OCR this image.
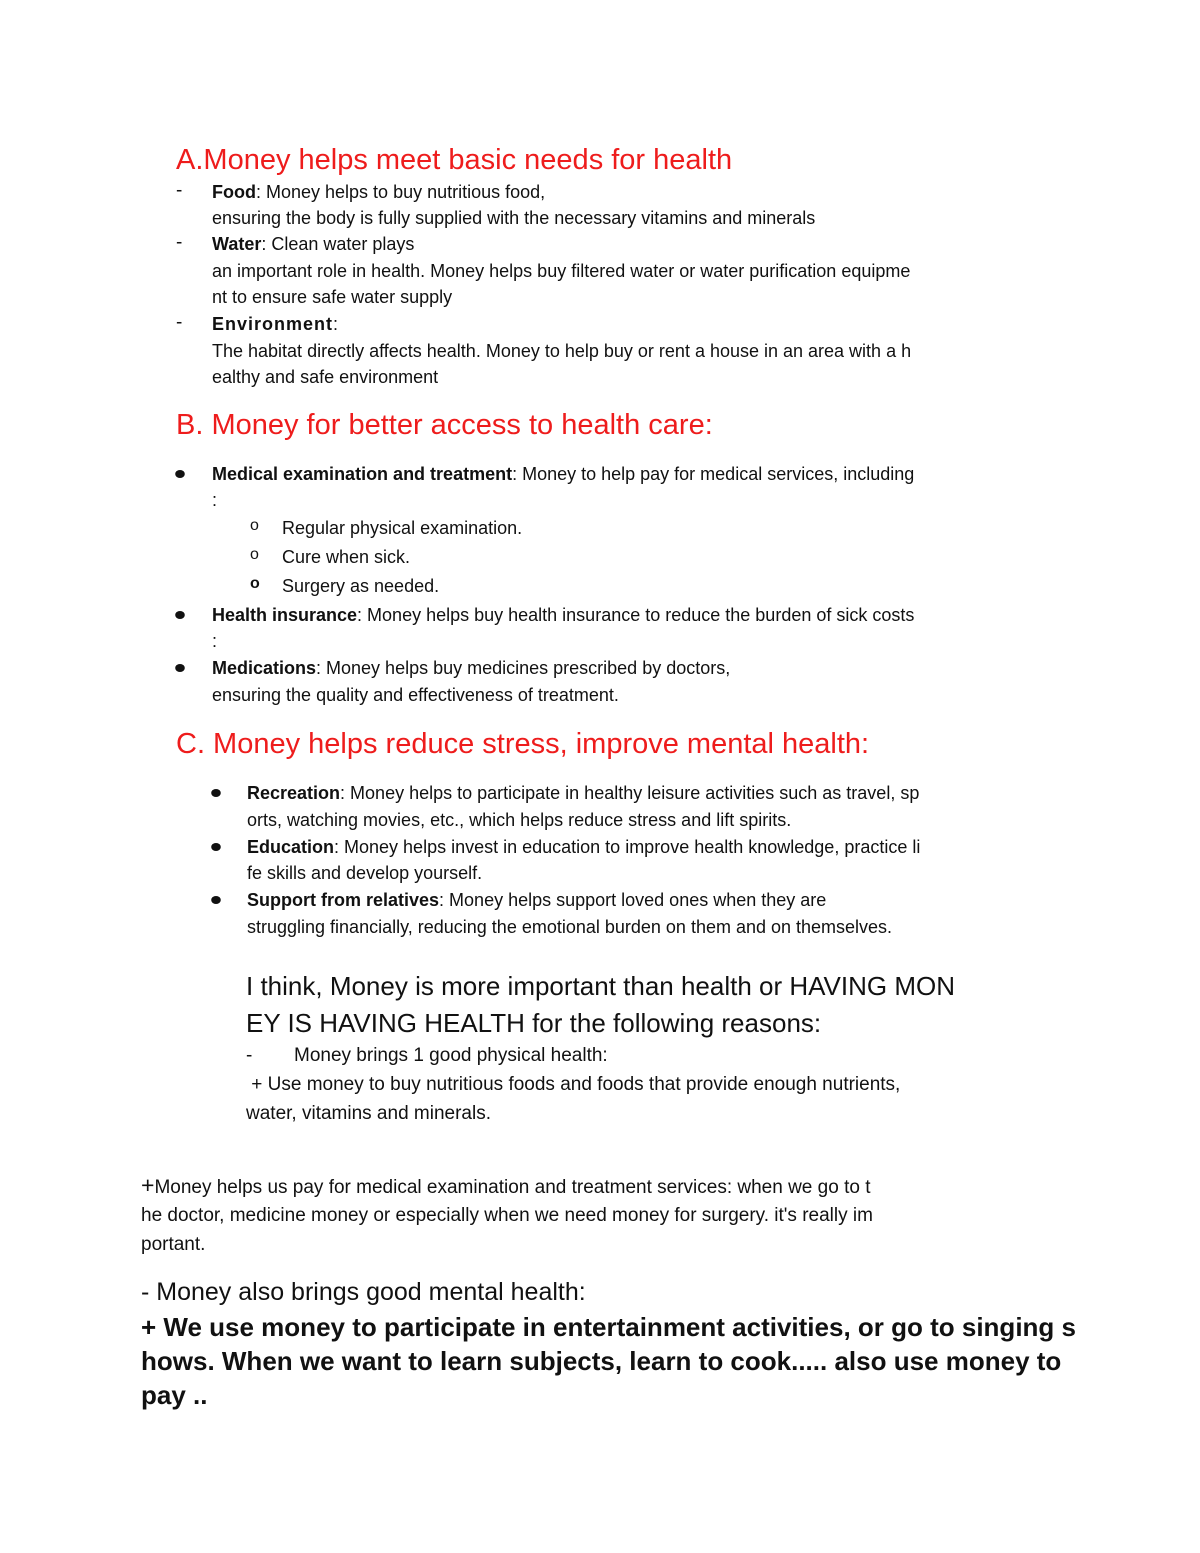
A.Money helps meet basic needs for health
- Food: Money helps to buy nutritious food,
ensuring the body is fully supplied with the necessary vitamins and minerals
- Water: Clean water plays
an important role in health. Money helps buy filtered water or water purification equipme
nt to ensure safe water supply
- Environment:
The habitat directly affects health. Money to help buy or rent a house in an area with a h
ealthy and safe environment
B. Money for better access to health care:
Medical examination and treatment: Money to help pay for medical services, including
:
o Regular physical examination.
o Cure when sick.
o Surgery as needed.
Health insurance: Money helps buy health insurance to reduce the burden of sick costs
:
Medications: Money helps buy medicines prescribed by doctors,
ensuring the quality and effectiveness of treatment.
C. Money helps reduce stress, improve mental health:
Recreation: Money helps to participate in healthy leisure activities such as travel, sp
orts, watching movies, etc., which helps reduce stress and lift spirits.
Education: Money helps invest in education to improve health knowledge, practice li
fe skills and develop yourself.
Support from relatives: Money helps support loved ones when they are
struggling financially, reducing the emotional burden on them and on themselves.
I think, Money is more important than health or HAVING MON
EY IS HAVING HEALTH for the following reasons:
- Money brings 1 good physical health:
+ Use money to buy nutritious foods and foods that provide enough nutrients,
water, vitamins and minerals.
+Money helps us pay for medical examination and treatment services: when we go to t
he doctor, medicine money or especially when we need money for surgery. it's really im
portant.
- Money also brings good mental health:
+ We use money to participate in entertainment activities, or go to singing s
hows. When we want to learn subjects, learn to cook..... also use money to
pay ..
